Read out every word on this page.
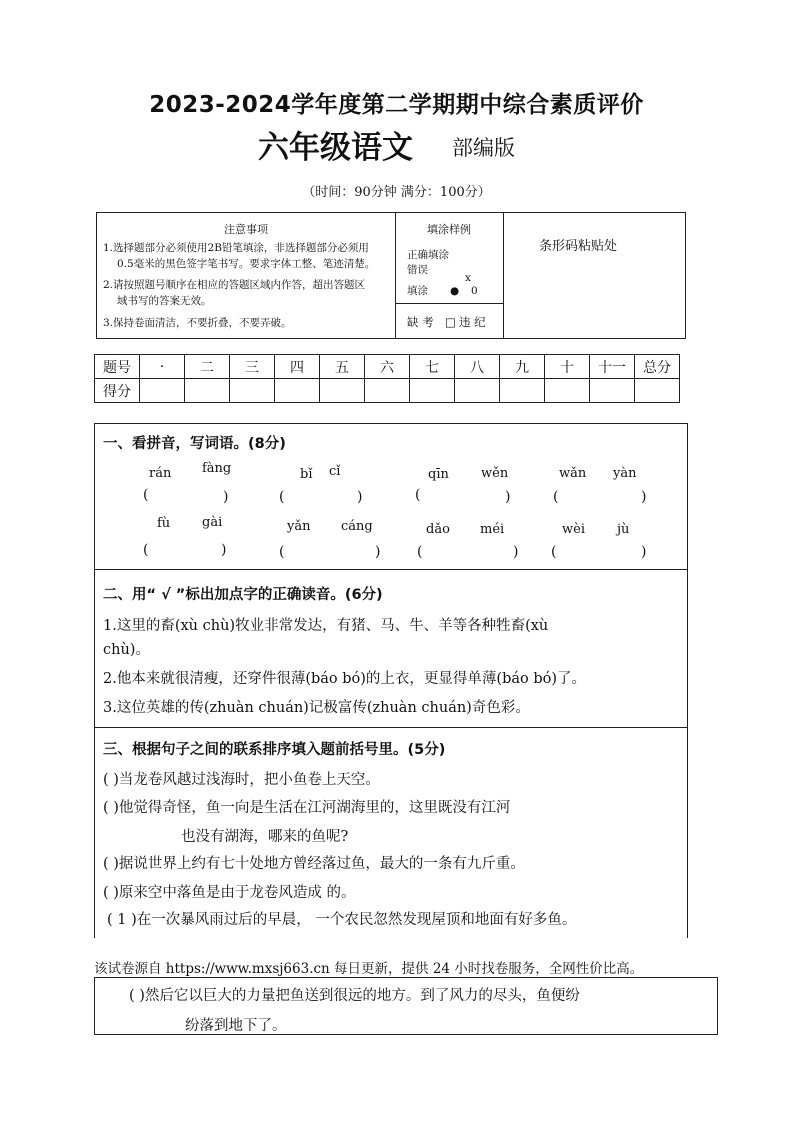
2023-2024学年度第二学期期中综合素质评价
六年级语文 部编版
（时间：90分钟 满分：100分）
注意事项
1.选择题部分必须使用2B铅笔填涂，非选择题部分必须用
0.5毫米的黑色签字笔书写。要求字体工整、笔迹清楚。
2.请按照题号顺序在相应的答题区域内作答，超出答题区
域书写的答案无效。
3.保持卷面清洁，不要折叠，不要弄破。
填涂样例
正确填涂
错误
x
填涂 ● 0
缺 考 □ 违 纪
条形码粘贴处
题号	·	二	三	四	五	六	七	八	九	十	十一	总分
得分												
一、看拼音，写词语。(8分)
rán fàng	bǐ cǐ	qīn wěn	wǎn yàn
(	)	(	)	(	)	(	)
fù gài	yǎn cáng	dǎo méi	wèi jù
(	)	(	)	(	) (	)
二、用“ √ ”标出加点字的正确读音。(6分)
1.这里的畜(xù chù)牧业非常发达，有猪、马、牛、羊等各种牲畜(xù
chù)。
2.他本来就很清瘦，还穿件很薄(báo bó)的上衣，更显得单薄(báo bó)了。
3.这位英雄的传(zhuàn chuán)记极富传(zhuàn chuán)奇色彩。
三、根据句子之间的联系排序填入题前括号里。(5分)
( )当龙卷风越过浅海时，把小鱼卷上天空。
( )他觉得奇怪，鱼一向是生活在江河湖海里的，这里既没有江河
也没有湖海，哪来的鱼呢?
( )据说世界上约有七十处地方曾经落过鱼，最大的一条有九斤重。
( )原来空中落鱼是由于龙卷风造成 的。
( 1 )在一次暴风雨过后的早晨， 一个农民忽然发现屋顶和地面有好多鱼。
该试卷源自 https://www.mxsj663.cn 每日更新，提供 24 小时找卷服务，全网性价比高。
( )然后它以巨大的力量把鱼送到很远的地方。到了风力的尽头，鱼便纷
纷落到地下了。
